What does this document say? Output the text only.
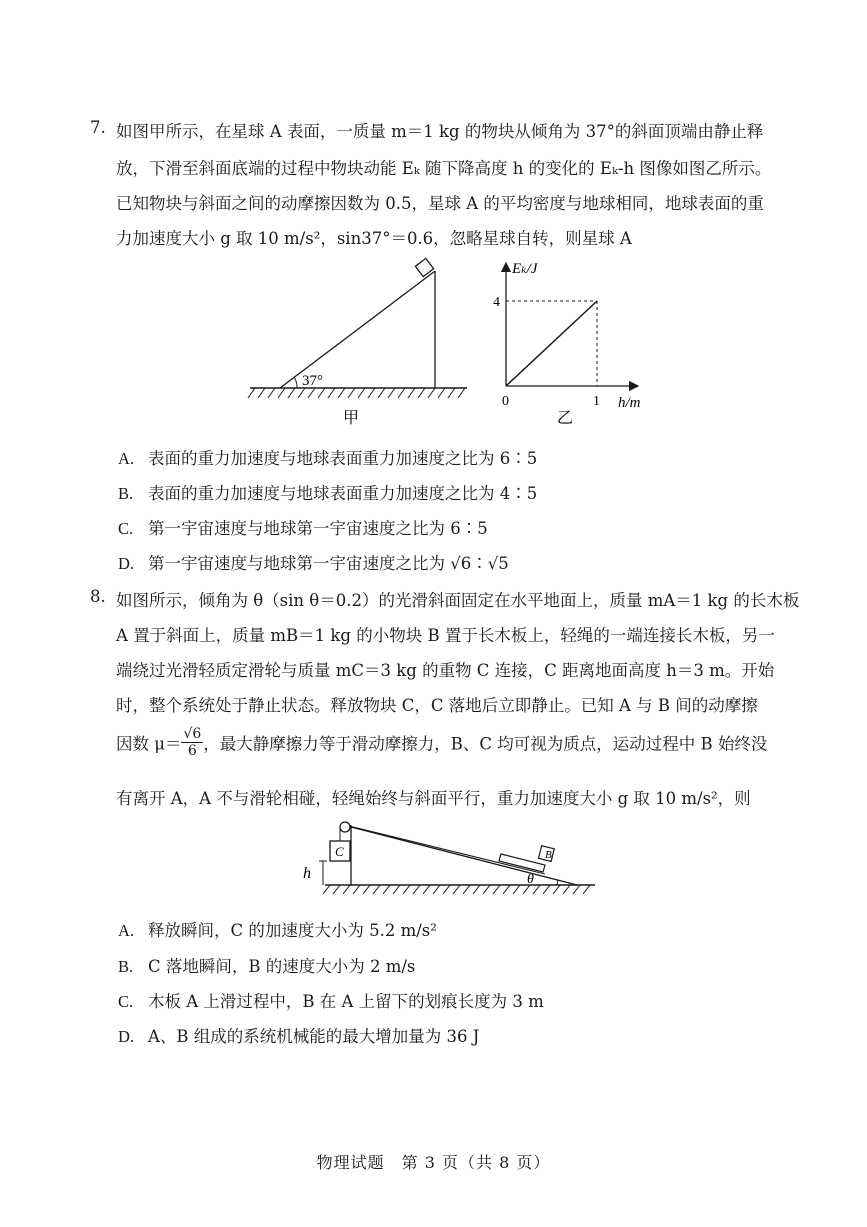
7. 如图甲所示，在星球 A 表面，一质量 m＝1 kg 的物块从倾角为 37°的斜面顶端由静止释
放，下滑至斜面底端的过程中物块动能 Eₖ 随下降高度 h 的变化的 Eₖ-h 图像如图乙所示。
已知物块与斜面之间的动摩擦因数为 0.5，星球 A 的平均密度与地球相同，地球表面的重
力加速度大小 g 取 10 m/s²，sin37°＝0.6，忽略星球自转，则星球 A
37°
甲
Eₖ/J
4
0	1 h/m
乙
A. 表面的重力加速度与地球表面重力加速度之比为 6∶5
B. 表面的重力加速度与地球表面重力加速度之比为 4∶5
C. 第一宇宙速度与地球第一宇宙速度之比为 6∶5
D. 第一宇宙速度与地球第一宇宙速度之比为 √6∶√5
8. 如图所示，倾角为 θ（sin θ＝0.2）的光滑斜面固定在水平地面上，质量 mA＝1 kg 的长木板
A 置于斜面上，质量 mB＝1 kg 的小物块 B 置于长木板上，轻绳的一端连接长木板，另一
端绕过光滑轻质定滑轮与质量 mC＝3 kg 的重物 C 连接，C 距离地面高度 h＝3 m。开始
时，整个系统处于静止状态。释放物块 C，C 落地后立即静止。已知 A 与 B 间的动摩擦
因数 $\mu= \frac{√6}{6}$ ，最大静摩擦力等于滑动摩擦力，B、C 均可视为质点，运动过程中 B 始终没
有离开 A，A 不与滑轮相碰，轻绳始终与斜面平行，重力加速度大小 g 取 10 m/s²，则
C
h
B
θ
A. 释放瞬间，C 的加速度大小为 5.2 m/s²
B. C 落地瞬间，B 的速度大小为 2 m/s
C. 木板 A 上滑过程中，B 在 A 上留下的划痕长度为 3 m
D. A、B 组成的系统机械能的最大增加量为 36 J
物理试题　第 3 页（共 8 页）
